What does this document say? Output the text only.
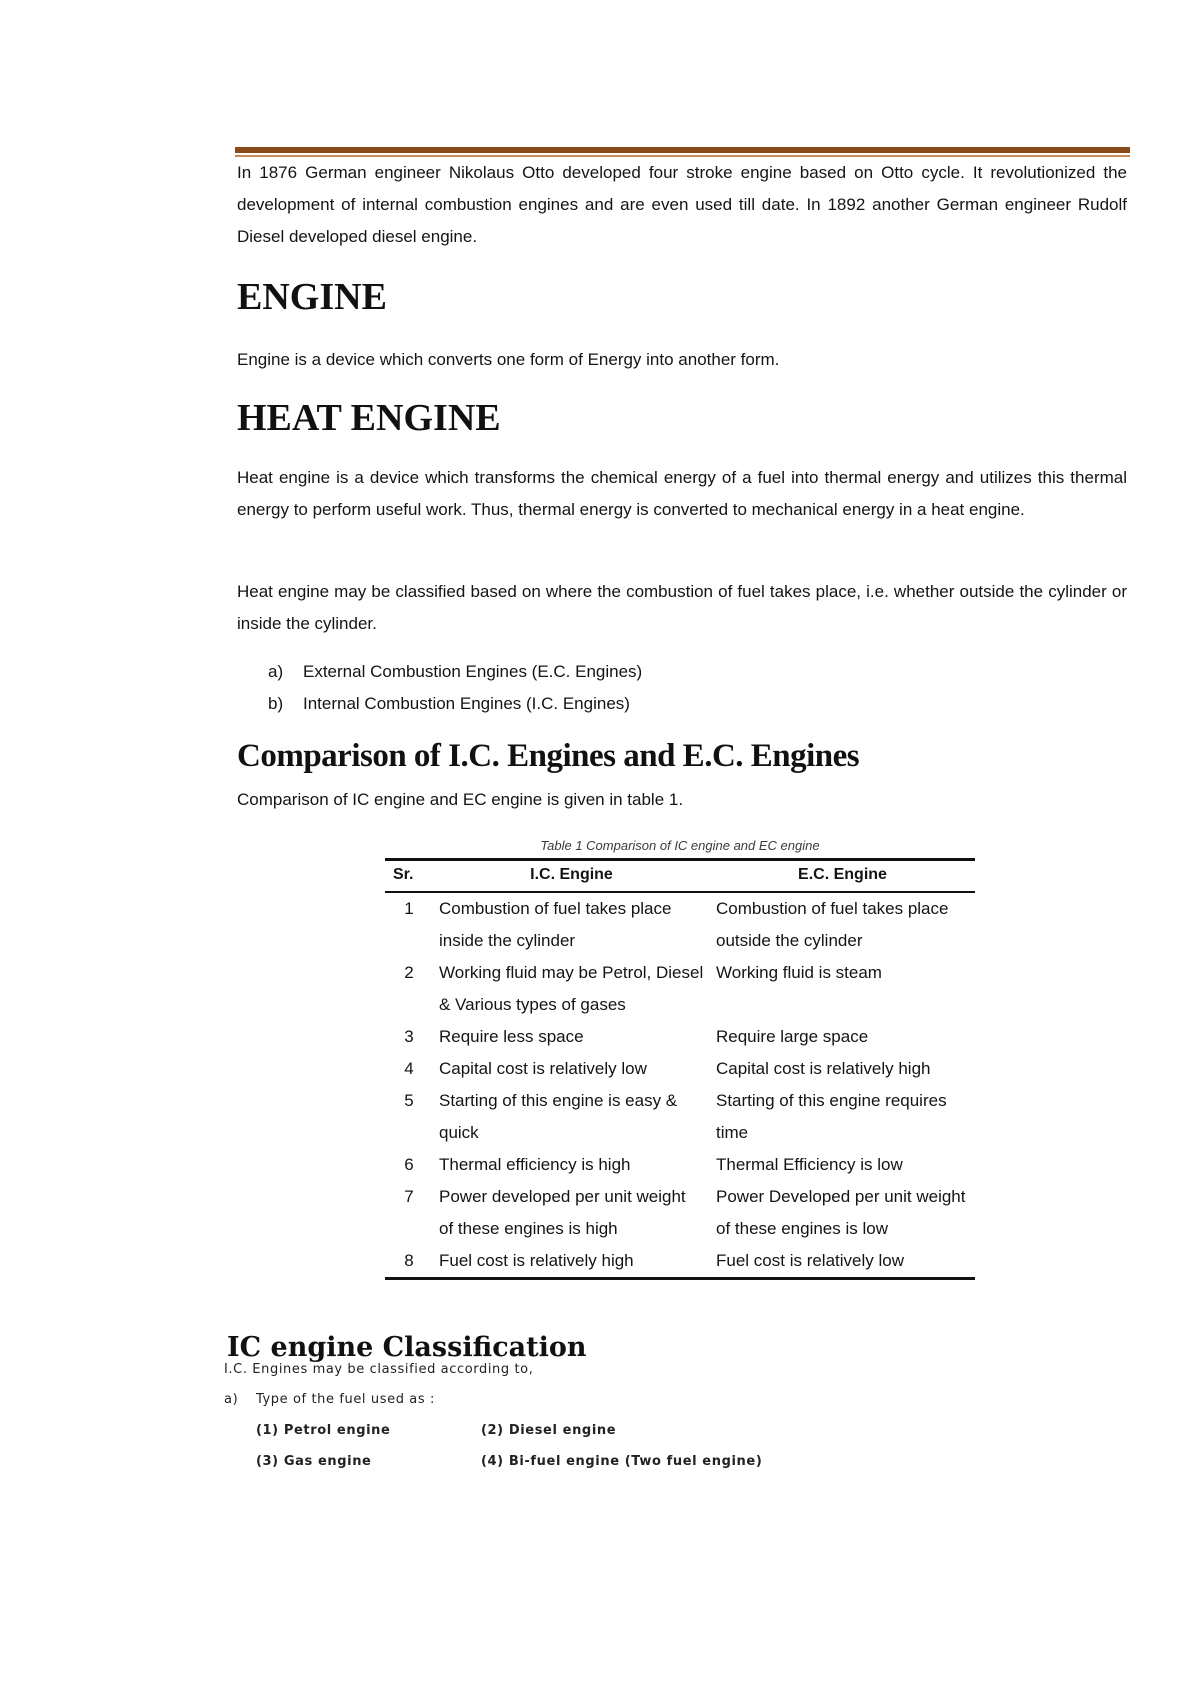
In 1876 German engineer Nikolaus Otto developed four stroke engine based on Otto cycle. It revolutionized the development of internal combustion engines and are even used till date. In 1892 another German engineer Rudolf Diesel developed diesel engine.
ENGINE
Engine is a device which converts one form of Energy into another form.
HEAT ENGINE
Heat engine is a device which transforms the chemical energy of a fuel into thermal energy and utilizes this thermal energy to perform useful work. Thus, thermal energy is converted to mechanical energy in a heat engine.
Heat engine may be classified based on where the combustion of fuel takes place, i.e. whether outside the cylinder or inside the cylinder.
a)	External Combustion Engines (E.C. Engines)
b)	Internal Combustion Engines (I.C. Engines)
Comparison of I.C. Engines and E.C. Engines
Comparison of IC engine and EC engine is given in table 1.
Table 1 Comparison of IC engine and EC engine
Sr.	I.C. Engine	E.C. Engine
1	Combustion of fuel takes place inside the cylinder	Combustion of fuel takes place outside the cylinder
2	Working fluid may be Petrol, Diesel & Various types of gases	Working fluid is steam
3	Require less space	Require large space
4	Capital cost is relatively low	Capital cost is relatively high
5	Starting of this engine is easy & quick	Starting of this engine requires time
6	Thermal efficiency is high	Thermal Efficiency is low
7	Power developed per unit weight of these engines is high	Power Developed per unit weight of these engines is low
8	Fuel cost is relatively high	Fuel cost is relatively low
IC engine Classification
I.C. Engines may be classified according to,
a) Type of the fuel used as :
(1) Petrol engine	(2) Diesel engine
(3) Gas engine	(4) Bi-fuel engine (Two fuel engine)
